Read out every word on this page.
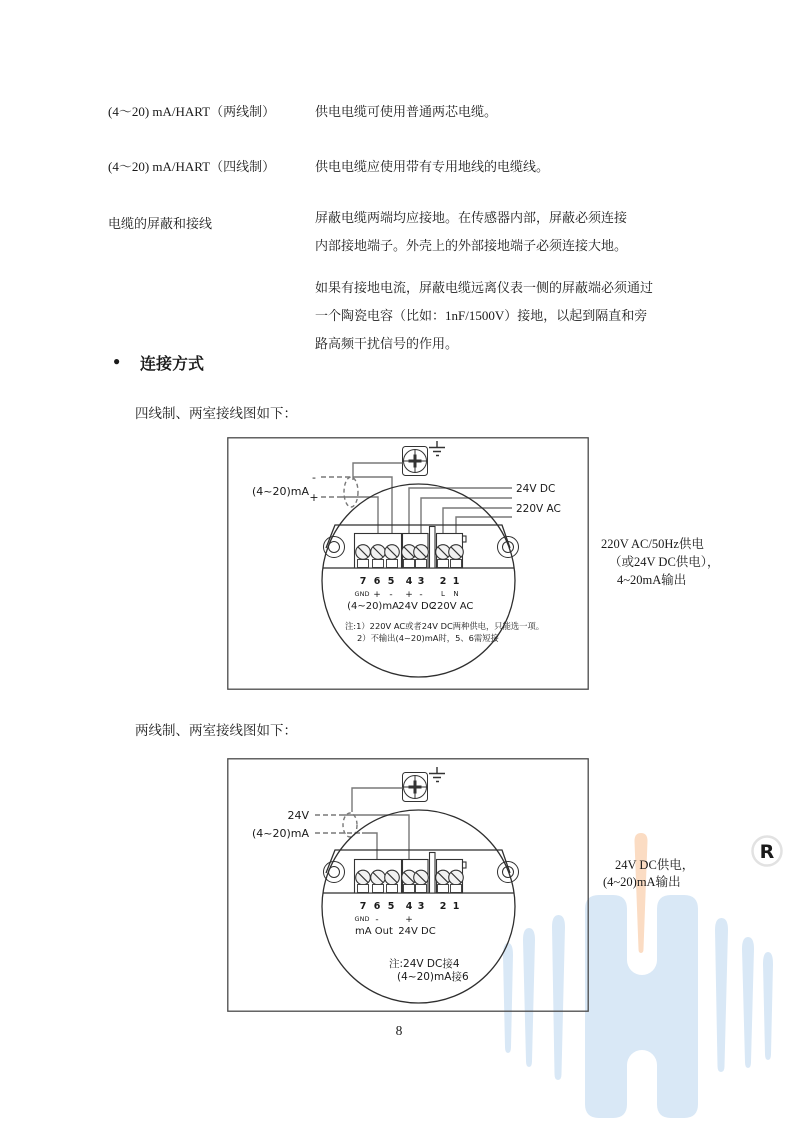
R
(4～20) mA/HART（两线制）	供电电缆可使用普通两芯电缆。
(4～20) mA/HART（四线制）	供电电缆应使用带有专用地线的电缆线。
电缆的屏蔽和接线	屏蔽电缆两端均应接地。在传感器内部，屏蔽必须连接
内部接地端子。外壳上的外部接地端子必须连接大地。
如果有接地电流，屏蔽电缆远离仪表一侧的屏蔽端必须通过
一个陶瓷电容（比如：1nF/1500V）接地，以起到隔直和旁
路高频干扰信号的作用。
● 连接方式
四线制、两室接线图如下：
-
+
(4~20)mA	24V DC
220V AC
7 6 5 4 3 2 1
GND + - + -	L N
(4~20)mA 24V DC
220V AC
注:1）220V AC或者24V DC两种供电，只能选一项。
2）不输出(4~20)mA时，5、6需短接
220V AC/50Hz供电
（或24V DC供电），
4~20mA输出
两线制、两室接线图如下：
24V
(4~20)mA
7 6 5 4 3 2 1
GND -	+
mA Out 24V DC
注:24V DC接4
(4~20)mA接6
24V DC供电，
(4~20)mA输出
8
